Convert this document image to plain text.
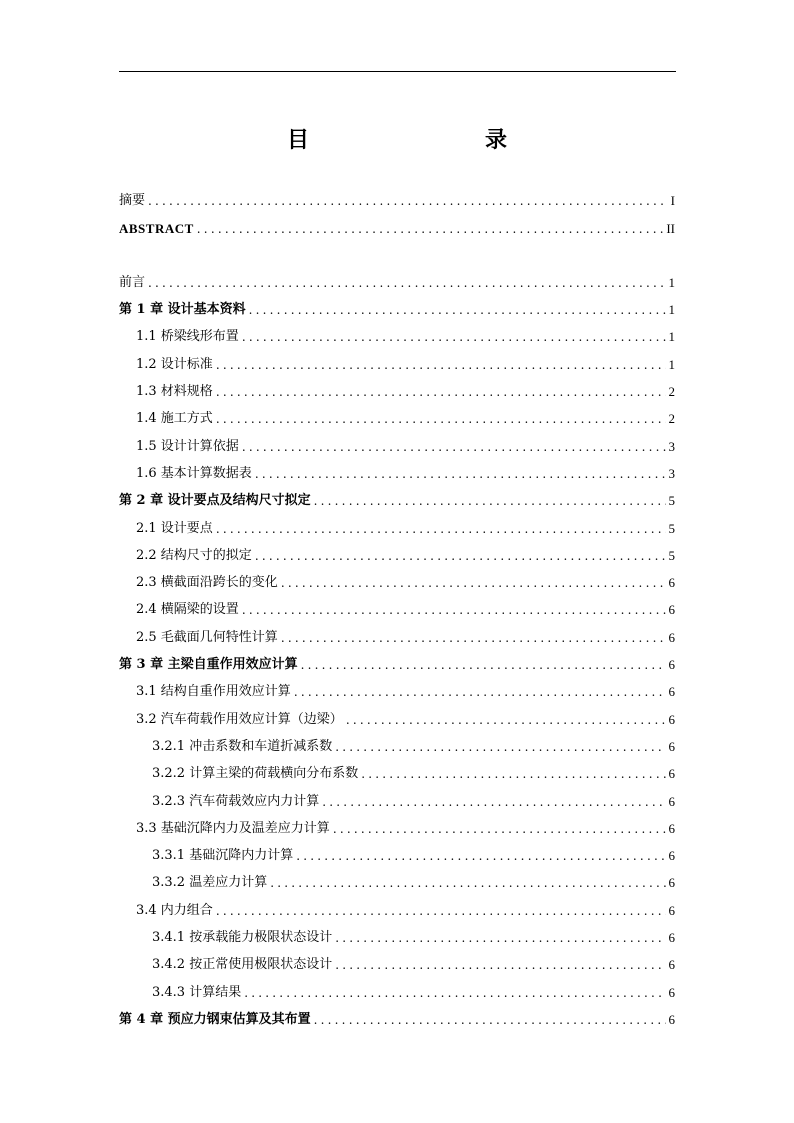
目　　录
摘要 .....	I
ABSTRACT .....	II
前言 .....	1
第 1 章 设计基本资料 .....	1
1.1 桥梁线形布置 .....	1
1.2 设计标准 .....	1
1.3 材料规格 .....	2
1.4 施工方式 .....	2
1.5 设计计算依据 .....	3
1.6 基本计算数据表 .....	3
第 2 章 设计要点及结构尺寸拟定 .....	5
2.1 设计要点 .....	5
2.2 结构尺寸的拟定 .....	5
2.3 横截面沿跨长的变化 .....	6
2.4 横隔梁的设置 .....	6
2.5 毛截面几何特性计算 .....	6
第 3 章 主梁自重作用效应计算 .....	6
3.1 结构自重作用效应计算 .....	6
3.2 汽车荷载作用效应计算（边梁） .....	6
3.2.1 冲击系数和车道折减系数 .....	6
3.2.2 计算主梁的荷载横向分布系数 .....	6
3.2.3 汽车荷载效应内力计算 .....	6
3.3 基础沉降内力及温差应力计算 .....	6
3.3.1 基础沉降内力计算 .....	6
3.3.2 温差应力计算 .....	6
3.4 内力组合 .....	6
3.4.1 按承载能力极限状态设计 .....	6
3.4.2 按正常使用极限状态设计 .....	6
3.4.3 计算结果 .....	6
第 4 章 预应力钢束估算及其布置 .....	6
